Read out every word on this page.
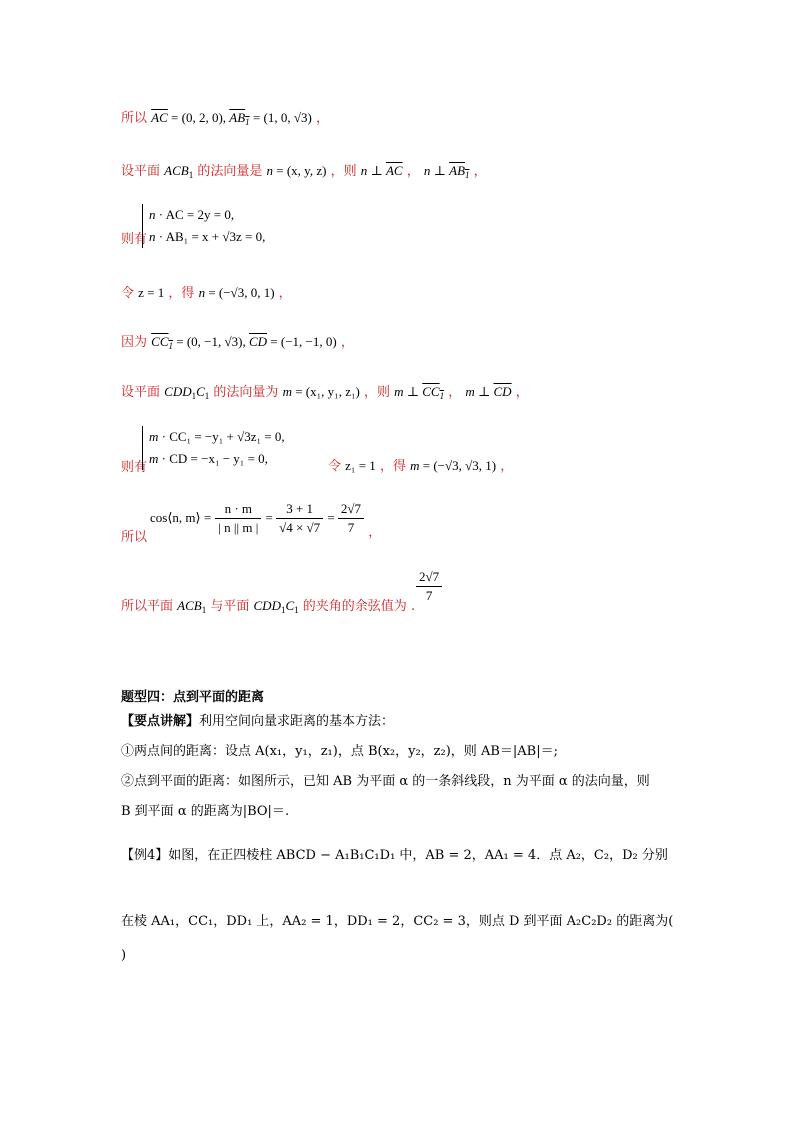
所以 $\overline{AC} = (0$, 2, 0), $AB_1 = (1$, 0, √3) ，
设平面 $ACB_1$ 的法向量是 n = (x, y, z) ，则 n ⊥ $\overline{AC}$ ， n ⊥ $AB_1$ ，
则有
n · AC = 2y = 0,
n · AB₁ = x + √3z = 0,
令 z = 1 ，得 n = (−√3, 0, 1) ，
因为 $CC_1 = (0$, −1, √3), $\overline{CD} = (-1$, −1, 0) ，
设平面 $CDD_1C_1$ 的法向量为 m = (x₁, y₁, z₁) ，则 m ⊥ $CC_1$ ， m ⊥ $\overline{CD}$ ，
则有
m · CC₁ = −y₁ + √3z₁ = 0,
m · CD = −x₁ − y₁ = 0,
令 z₁ = 1 ，得 m = (−√3, √3, 1) ，
所以
cos⟨n, m⟩ = $\frac{n \cdot m}{| n || m |} = \frac{3 + 1}{√4 \times √7} = \frac{2√7}{7}$ ，
所以平面 $ACB_1$ 与平面 $CDD_1C_1$ 的夹角的余弦值为 .
$\frac{2√7}{7}$
题型四：点到平面的距离
【要点讲解】利用空间向量求距离的基本方法：
①两点间的距离：设点 A(x₁，y₁，z₁)，点 B(x₂，y₂，z₂)，则 AB＝|AB|＝;
②点到平面的距离：如图所示，已知 AB 为平面 α 的一条斜线段，n 为平面 α 的法向量，则
B 到平面 α 的距离为|BO|＝.
【例4】如图，在正四棱柱 ABCD − A₁B₁C₁D₁ 中，AB = 2，AA₁ = 4．点 A₂，C₂，D₂ 分别
在棱 AA₁，CC₁，DD₁ 上，AA₂ = 1，DD₁ = 2，CC₂ = 3，则点 D 到平面 A₂C₂D₂ 的距离为(
)
